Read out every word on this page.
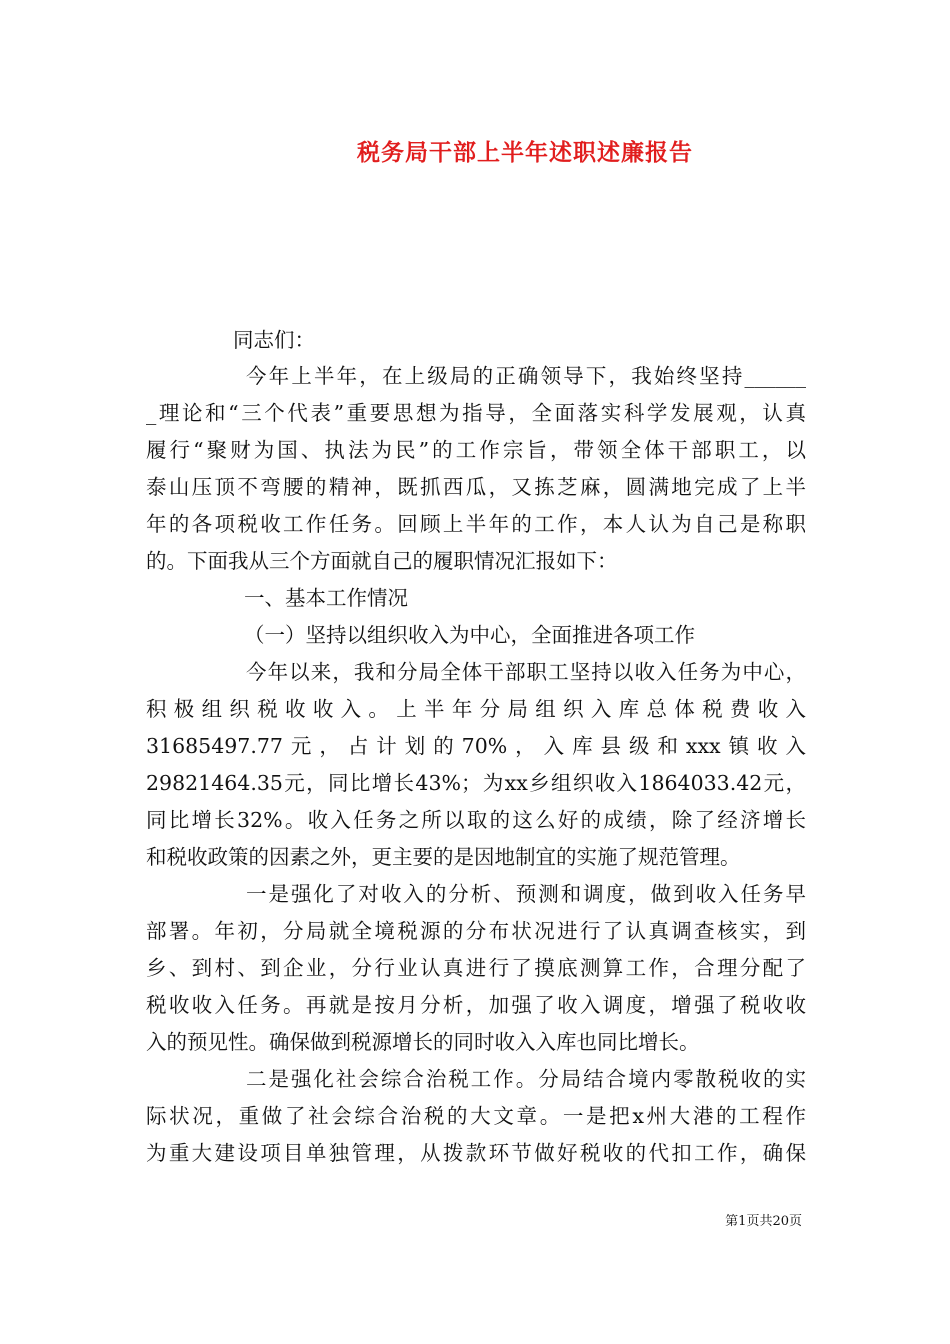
税务局干部上半年述职述廉报告
同志们：
今年上半年，在上级局的正确领导下，我始终坚持______
_理论和“三个代表”重要思想为指导，全面落实科学发展观，认真
履行“聚财为国、执法为民”的工作宗旨，带领全体干部职工，以
泰山压顶不弯腰的精神，既抓西瓜，又拣芝麻，圆满地完成了上半
年的各项税收工作任务。回顾上半年的工作，本人认为自己是称职
的。下面我从三个方面就自己的履职情况汇报如下：
一、基本工作情况
（一）坚持以组织收入为中心，全面推进各项工作
今年以来，我和分局全体干部职工坚持以收入任务为中心，
积极组织税收收入。上半年分局组织入库总体税费收入
31685497.77元，占计划的70%，入库县级和xxx镇收入
29821464.35元，同比增长43%；为xx乡组织收入1864033.42元，
同比增长32%。收入任务之所以取的这么好的成绩，除了经济增长
和税收政策的因素之外，更主要的是因地制宜的实施了规范管理。
一是强化了对收入的分析、预测和调度，做到收入任务早
部署。年初，分局就全境税源的分布状况进行了认真调查核实，到
乡、到村、到企业，分行业认真进行了摸底测算工作，合理分配了
税收收入任务。再就是按月分析，加强了收入调度，增强了税收收
入的预见性。确保做到税源增长的同时收入入库也同比增长。
二是强化社会综合治税工作。分局结合境内零散税收的实
际状况，重做了社会综合治税的大文章。一是把x州大港的工程作
为重大建设项目单独管理，从拨款环节做好税收的代扣工作，确保
第1页共20页
